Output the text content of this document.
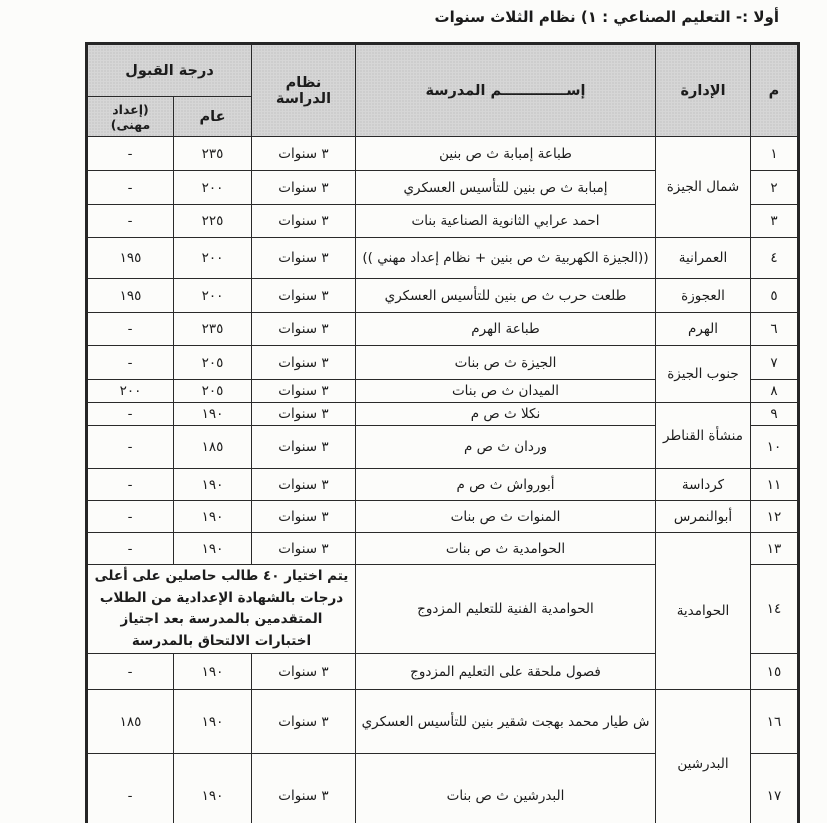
أولا :- التعليم الصناعي : ١) نظام الثلاث سنوات
م	الإدارة	إســـــــــــــم المدرسة	نظام الدراسة	درجة القبول	
				عام	(إعداد مهنى)
١	شمال الجيزة	طباعة إمبابة ث ص بنين	٣ سنوات	٢٣٥	-
٢		إمبابة ث ص بنين للتأسيس العسكري	٣ سنوات	٢٠٠	-
٣		احمد عرابي الثانوية الصناعية بنات	٣ سنوات	٢٢٥	-
٤	العمرانية	((الجيزة الكهربية ث ص بنين + نظام إعداد مهني ))	٣ سنوات	٢٠٠	١٩٥
٥	العجوزة	طلعت حرب ث ص بنين للتأسيس العسكري	٣ سنوات	٢٠٠	١٩٥
٦	الهرم	طباعة الهرم	٣ سنوات	٢٣٥	-
٧	جنوب الجيزة	الجيزة ث ص بنات	٣ سنوات	٢٠٥	-
٨		الميدان ث ص بنات	٣ سنوات	٢٠٥	٢٠٠
٩	منشأة القناطر	نكلا ث ص م	٣ سنوات	١٩٠	-
١٠		وردان ث ص م	٣ سنوات	١٨٥	-
١١	كرداسة	أبورواش ث ص م	٣ سنوات	١٩٠	-
١٢	أبوالنمرس	المنوات ث ص بنات	٣ سنوات	١٩٠	-
١٣	الحوامدية	الحوامدية ث ص بنات	٣ سنوات	١٩٠	-
١٤		الحوامدية الفنية للتعليم المزدوج	يتم اختيار ٤٠ طالب حاصلين على أعلى درجات بالشهادة الإعدادية من الطلاب المتقدمين بالمدرسة بعد اجتياز اختبارات الالتحاق بالمدرسة		
١٥		فصول ملحقة على التعليم المزدوج	٣ سنوات	١٩٠	-
١٦	البدرشين	ش طيار محمد بهجت شقير بنين للتأسيس العسكري	٣ سنوات	١٩٠	١٨٥
١٧		البدرشين ث ص بنات	٣ سنوات	١٩٠	-
